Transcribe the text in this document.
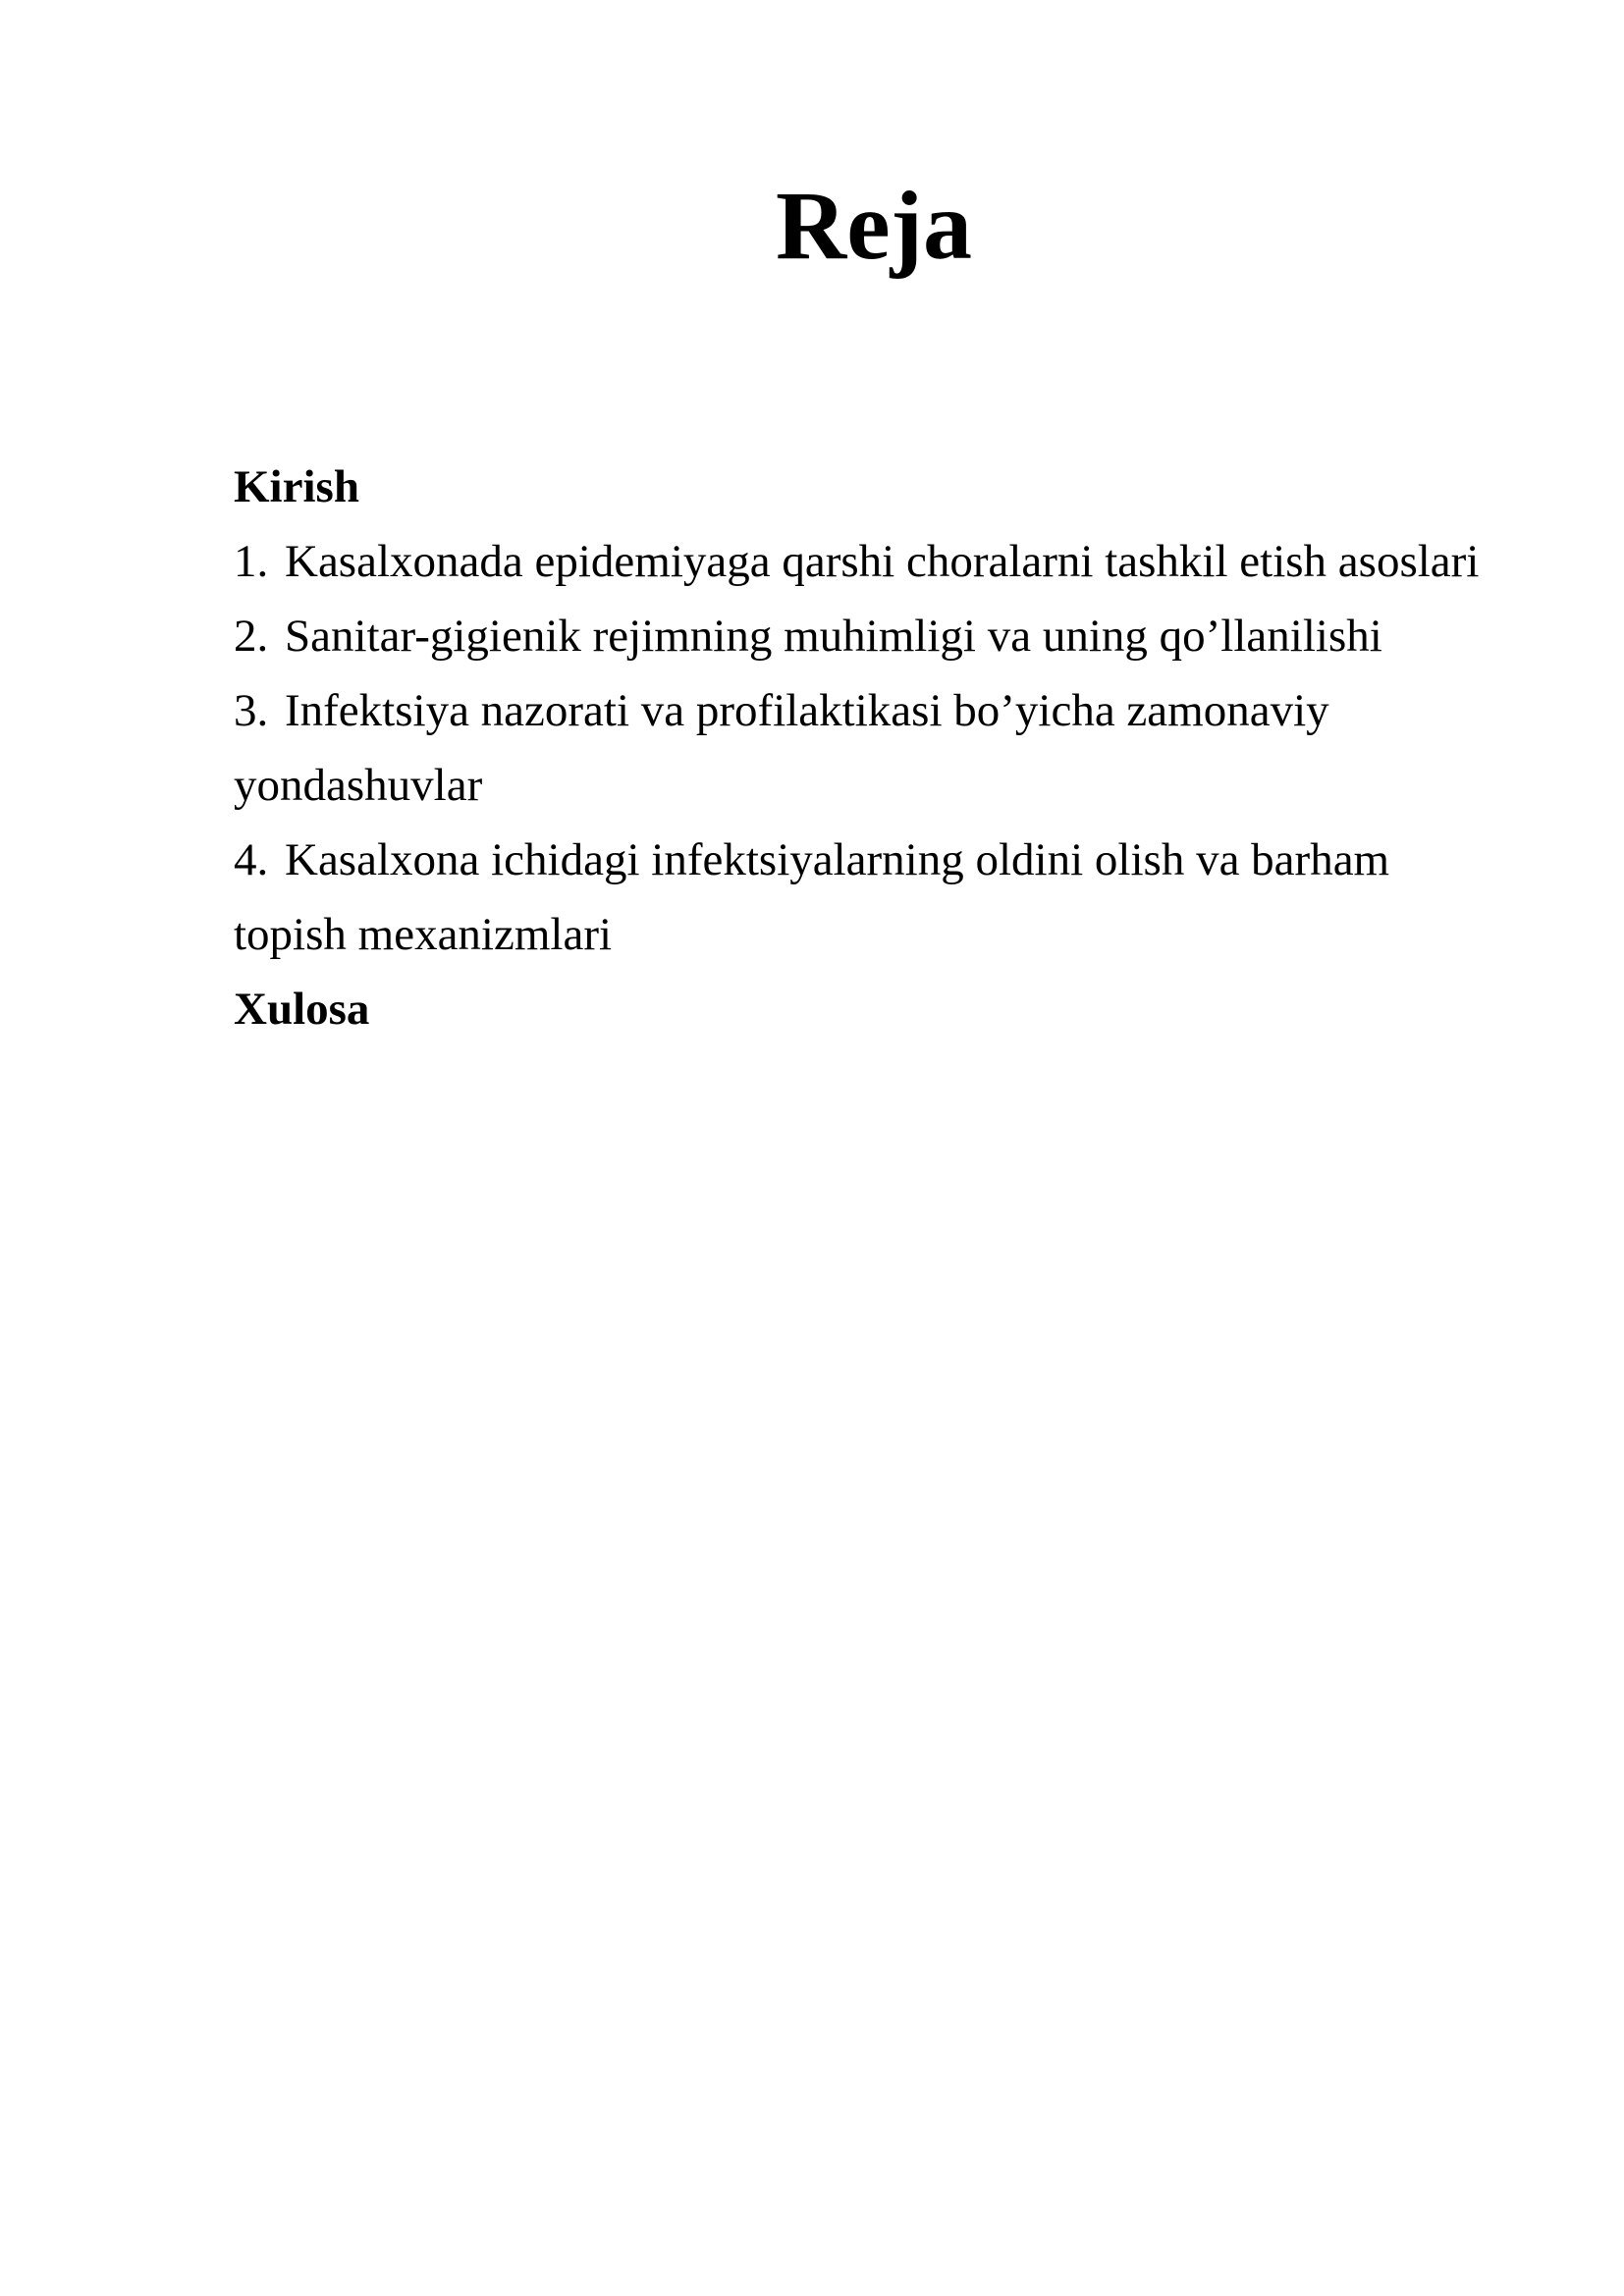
Reja

Kirish

1. Kasalxonada epidemiyaga qarshi choralarni tashkil etish asoslari
2. Sanitar-gigienik rejimning muhimligi va uning qo’llanilishi
3. Infektsiya nazorati va profilaktikasi bo’yicha zamonaviy

yondashuvlar

4. Kasalxona ichidagi infektsiyalarning oldini olish va barham

topish mexanizmlari

Xulosa
